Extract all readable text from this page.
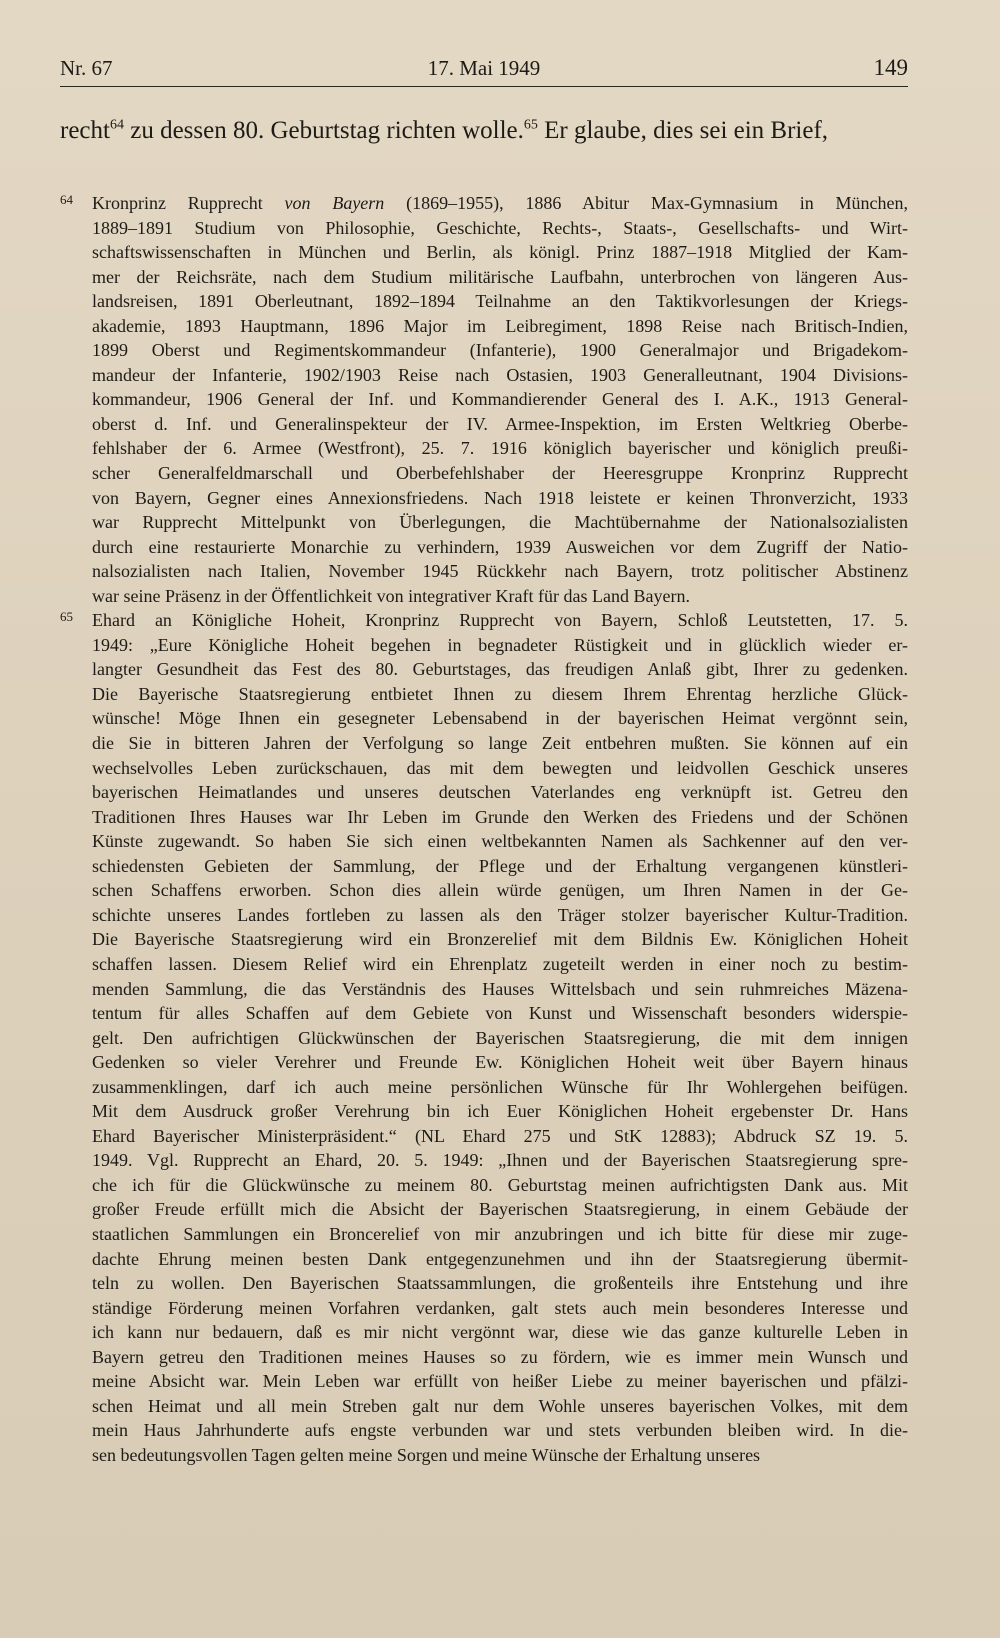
Nr. 67	17. Mai 1949	149
recht$^{64}$ zu dessen 80. Geburtstag richten wolle.$^{65}$ Er glaube, dies sei ein Brief,
64 Kronprinz Rupprecht von Bayern (1869–1955), 1886 Abitur Max-Gymnasium in München,
1889–1891 Studium von Philosophie, Geschichte, Rechts-, Staats-, Gesellschafts- und Wirt-
schaftswissenschaften in München und Berlin, als königl. Prinz 1887–1918 Mitglied der Kam-
mer der Reichsräte, nach dem Studium militärische Laufbahn, unterbrochen von längeren Aus-
landsreisen, 1891 Oberleutnant, 1892–1894 Teilnahme an den Taktikvorlesungen der Kriegs-
akademie, 1893 Hauptmann, 1896 Major im Leibregiment, 1898 Reise nach Britisch-Indien,
1899 Oberst und Regimentskommandeur (Infanterie), 1900 Generalmajor und Brigadekom-
mandeur der Infanterie, 1902/1903 Reise nach Ostasien, 1903 Generalleutnant, 1904 Divisions-
kommandeur, 1906 General der Inf. und Kommandierender General des I. A.K., 1913 General-
oberst d. Inf. und Generalinspekteur der IV. Armee-Inspektion, im Ersten Weltkrieg Oberbe-
fehlshaber der 6. Armee (Westfront), 25. 7. 1916 königlich bayerischer und königlich preußi-
scher Generalfeldmarschall und Oberbefehlshaber der Heeresgruppe Kronprinz Rupprecht
von Bayern, Gegner eines Annexionsfriedens. Nach 1918 leistete er keinen Thronverzicht, 1933
war Rupprecht Mittelpunkt von Überlegungen, die Machtübernahme der Nationalsozialisten
durch eine restaurierte Monarchie zu verhindern, 1939 Ausweichen vor dem Zugriff der Natio-
nalsozialisten nach Italien, November 1945 Rückkehr nach Bayern, trotz politischer Abstinenz
war seine Präsenz in der Öffentlichkeit von integrativer Kraft für das Land Bayern.
65 Ehard an Königliche Hoheit, Kronprinz Rupprecht von Bayern, Schloß Leutstetten, 17. 5.
1949: „Eure Königliche Hoheit begehen in begnadeter Rüstigkeit und in glücklich wieder er-
langter Gesundheit das Fest des 80. Geburtstages, das freudigen Anlaß gibt, Ihrer zu gedenken.
Die Bayerische Staatsregierung entbietet Ihnen zu diesem Ihrem Ehrentag herzliche Glück-
wünsche! Möge Ihnen ein gesegneter Lebensabend in der bayerischen Heimat vergönnt sein,
die Sie in bitteren Jahren der Verfolgung so lange Zeit entbehren mußten. Sie können auf ein
wechselvolles Leben zurückschauen, das mit dem bewegten und leidvollen Geschick unseres
bayerischen Heimatlandes und unseres deutschen Vaterlandes eng verknüpft ist. Getreu den
Traditionen Ihres Hauses war Ihr Leben im Grunde den Werken des Friedens und der Schönen
Künste zugewandt. So haben Sie sich einen weltbekannten Namen als Sachkenner auf den ver-
schiedensten Gebieten der Sammlung, der Pflege und der Erhaltung vergangenen künstleri-
schen Schaffens erworben. Schon dies allein würde genügen, um Ihren Namen in der Ge-
schichte unseres Landes fortleben zu lassen als den Träger stolzer bayerischer Kultur-Tradition.
Die Bayerische Staatsregierung wird ein Bronzerelief mit dem Bildnis Ew. Königlichen Hoheit
schaffen lassen. Diesem Relief wird ein Ehrenplatz zugeteilt werden in einer noch zu bestim-
menden Sammlung, die das Verständnis des Hauses Wittelsbach und sein ruhmreiches Mäzena-
tentum für alles Schaffen auf dem Gebiete von Kunst und Wissenschaft besonders widerspie-
gelt. Den aufrichtigen Glückwünschen der Bayerischen Staatsregierung, die mit dem innigen
Gedenken so vieler Verehrer und Freunde Ew. Königlichen Hoheit weit über Bayern hinaus
zusammenklingen, darf ich auch meine persönlichen Wünsche für Ihr Wohlergehen beifügen.
Mit dem Ausdruck großer Verehrung bin ich Euer Königlichen Hoheit ergebenster Dr. Hans
Ehard Bayerischer Ministerpräsident.“ (NL Ehard 275 und StK 12883); Abdruck SZ 19. 5.
1949. Vgl. Rupprecht an Ehard, 20. 5. 1949: „Ihnen und der Bayerischen Staatsregierung spre-
che ich für die Glückwünsche zu meinem 80. Geburtstag meinen aufrichtigsten Dank aus. Mit
großer Freude erfüllt mich die Absicht der Bayerischen Staatsregierung, in einem Gebäude der
staatlichen Sammlungen ein Broncerelief von mir anzubringen und ich bitte für diese mir zuge-
dachte Ehrung meinen besten Dank entgegenzunehmen und ihn der Staatsregierung übermit-
teln zu wollen. Den Bayerischen Staatssammlungen, die großenteils ihre Entstehung und ihre
ständige Förderung meinen Vorfahren verdanken, galt stets auch mein besonderes Interesse und
ich kann nur bedauern, daß es mir nicht vergönnt war, diese wie das ganze kulturelle Leben in
Bayern getreu den Traditionen meines Hauses so zu fördern, wie es immer mein Wunsch und
meine Absicht war. Mein Leben war erfüllt von heißer Liebe zu meiner bayerischen und pfälzi-
schen Heimat und all mein Streben galt nur dem Wohle unseres bayerischen Volkes, mit dem
mein Haus Jahrhunderte aufs engste verbunden war und stets verbunden bleiben wird. In die-
sen bedeutungsvollen Tagen gelten meine Sorgen und meine Wünsche der Erhaltung unseres
